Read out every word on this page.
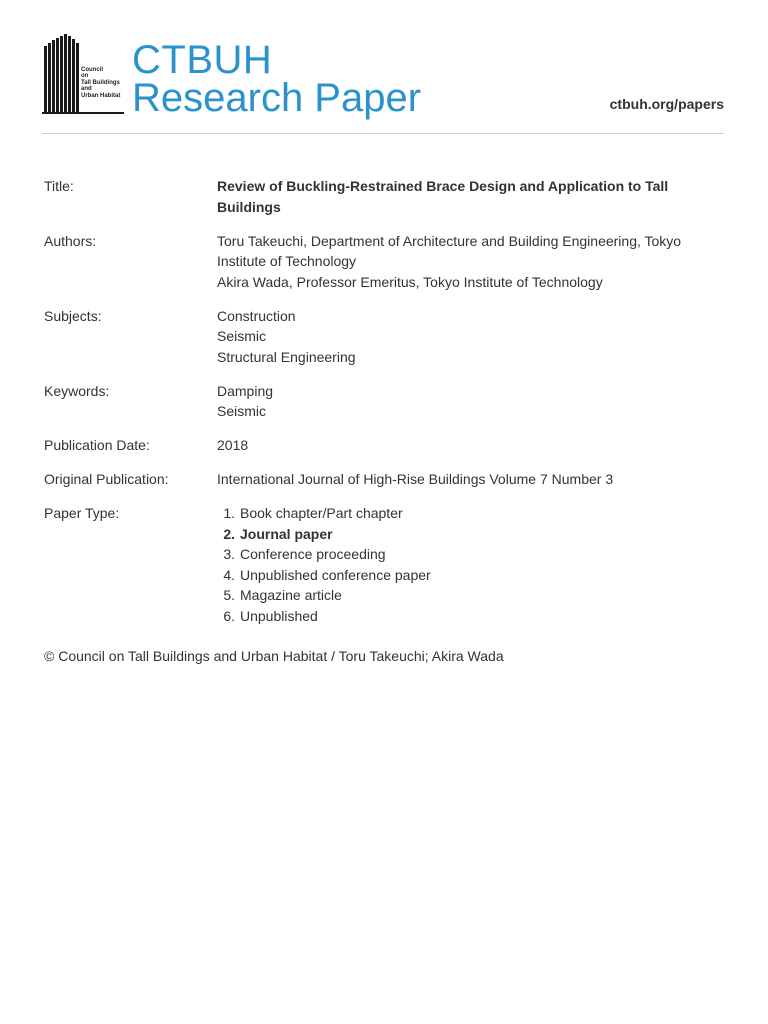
Council
on
Tall Buildings
and
Urban Habitat
CTBUH
Research Paper	ctbuh.org/papers
Title:	Review of Buckling-Restrained Brace Design and Application to Tall
Buildings
Authors:	Toru Takeuchi, Department of Architecture and Building Engineering, Tokyo
Institute of Technology
Akira Wada, Professor Emeritus, Tokyo Institute of Technology
Subjects:	Construction
Seismic
Structural Engineering
Keywords:	Damping
Seismic
Publication Date:	2018
Original Publication:	International Journal of High-Rise Buildings Volume 7 Number 3
Paper Type:	1. Book chapter/Part chapter
2. Journal paper
3. Conference proceeding
4. Unpublished conference paper
5. Magazine article
6. Unpublished
© Council on Tall Buildings and Urban Habitat / Toru Takeuchi; Akira Wada
